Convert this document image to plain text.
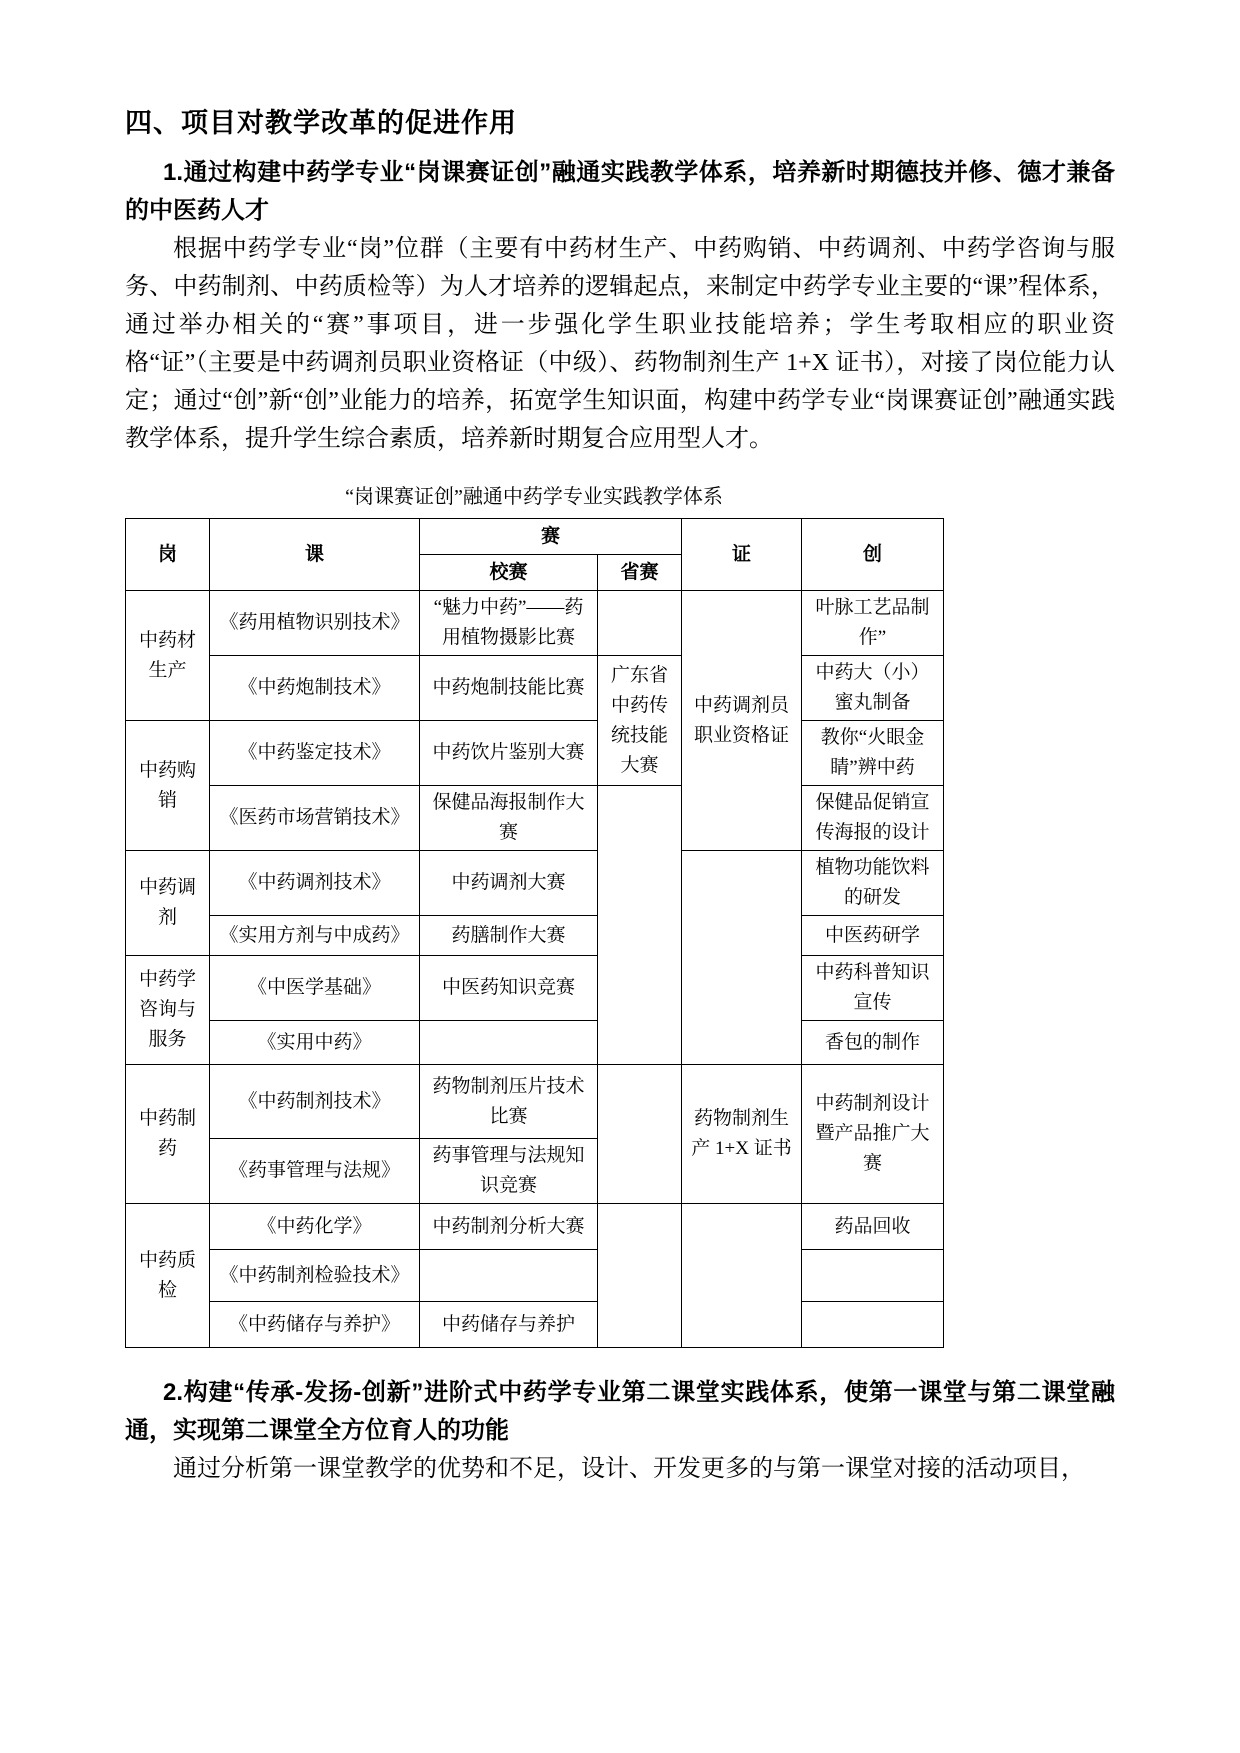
四、项目对教学改革的促进作用

1.通过构建中药学专业“岗课赛证创”融通实践教学体系，培养新时期德技并修、德才兼备的中医药人才

根据中药学专业“岗”位群（主要有中药材生产、中药购销、中药调剂、中药学咨询与服务、中药制剂、中药质检等）为人才培养的逻辑起点，来制定中药学专业主要的“课”程体系，通过举办相关的“赛”事项目，进一步强化学生职业技能培养；学生考取相应的职业资格“证”（主要是中药调剂员职业资格证（中级）、药物制剂生产 1+X 证书），对接了岗位能力认定；通过“创”新“创”业能力的培养，拓宽学生知识面，构建中药学专业“岗课赛证创”融通实践教学体系，提升学生综合素质，培养新时期复合应用型人才。

“岗课赛证创”融通中药学专业实践教学体系
岗	课	赛		证	创
		校赛	省赛		
中药材生产	《药用植物识别技术》	“魅力中药”——药用植物摄影比赛		中药调剂员职业资格证	叶脉工艺品制作”
	《中药炮制技术》	中药炮制技能比赛	广东省中药传统技能大赛		中药大（小）蜜丸制备
中药购销	《中药鉴定技术》	中药饮片鉴别大赛			教你“火眼金睛”辨中药
	《医药市场营销技术》	保健品海报制作大赛			保健品促销宣传海报的设计
中药调剂	《中药调剂技术》	中药调剂大赛			植物功能饮料的研发
	《实用方剂与中成药》	药膳制作大赛			中医药研学
中药学咨询与服务	《中医学基础》	中医药知识竞赛			中药科普知识宣传
	《实用中药》				香包的制作
中药制药	《中药制剂技术》	药物制剂压片技术比赛		药物制剂生产 1+X 证书	中药制剂设计暨产品推广大赛
	《药事管理与法规》	药事管理与法规知识竞赛			
中药质检	《中药化学》	中药制剂分析大赛			药品回收
	《中药制剂检验技术》				
	《中药储存与养护》	中药储存与养护			

2.构建“传承-发扬-创新”进阶式中药学专业第二课堂实践体系，使第一课堂与第二课堂融通，实现第二课堂全方位育人的功能

通过分析第一课堂教学的优势和不足，设计、开发更多的与第一课堂对接的活动项目，
